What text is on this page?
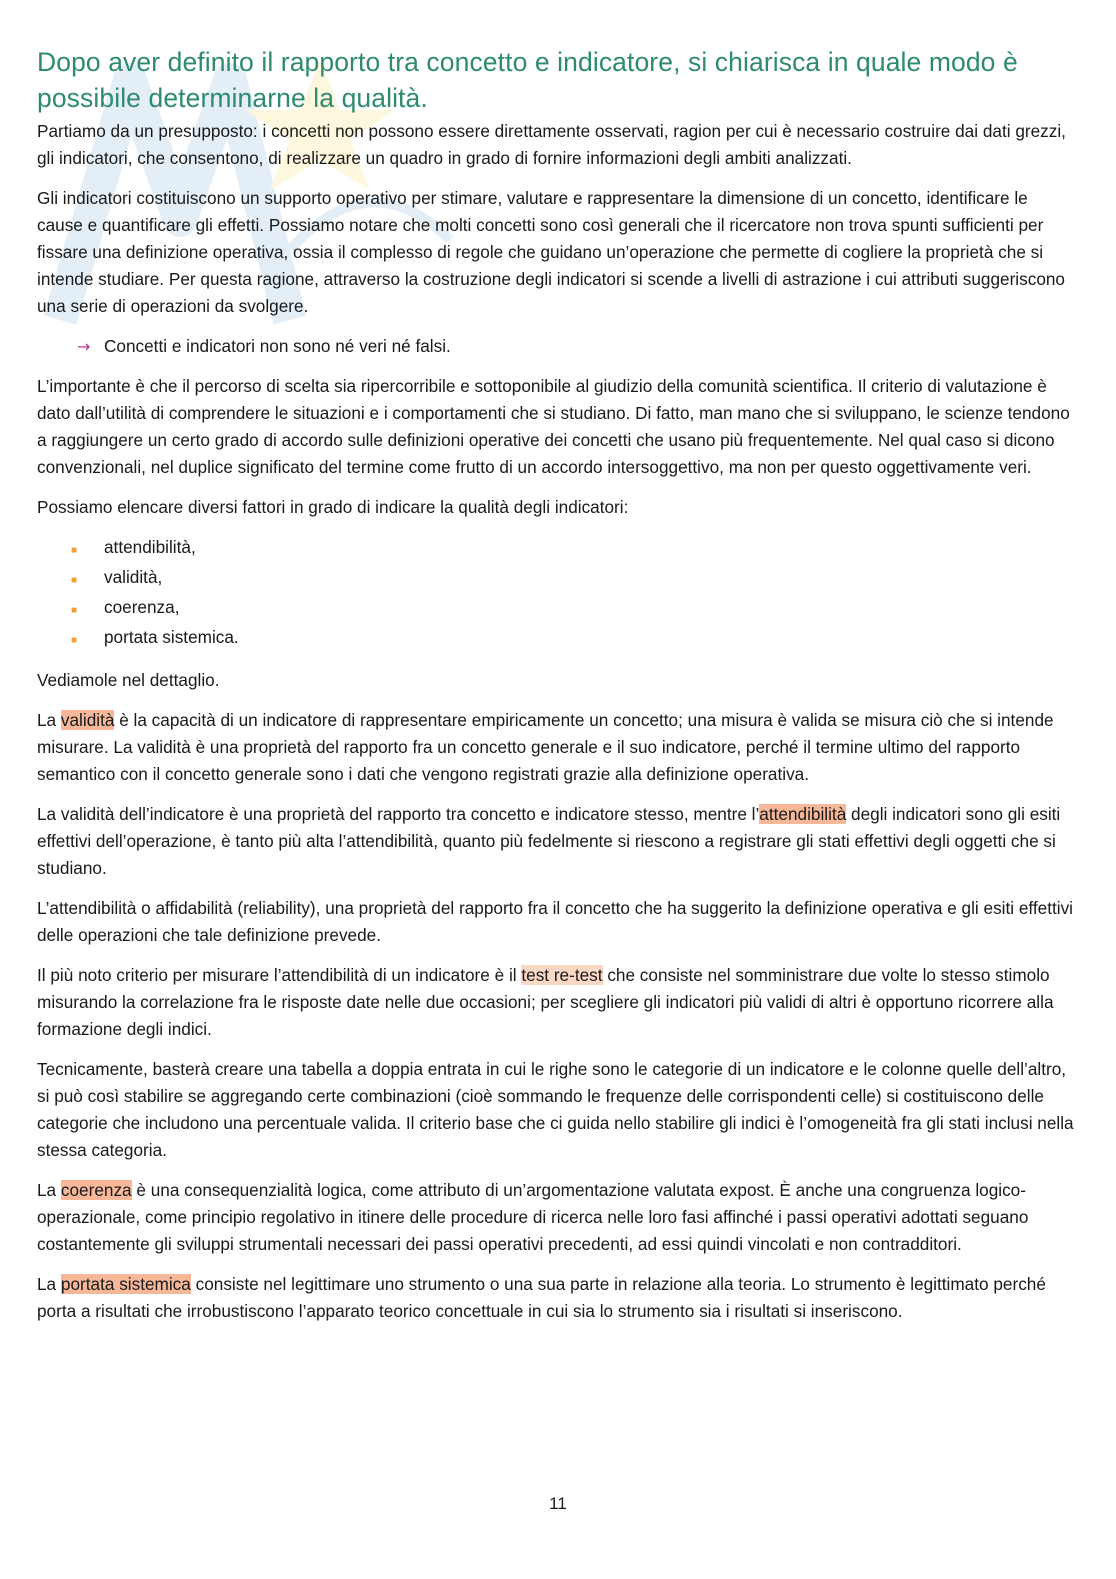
Dopo aver definito il rapporto tra concetto e indicatore, si chiarisca in quale modo è possibile determinarne la qualità.

Partiamo da un presupposto: i concetti non possono essere direttamente osservati, ragion per cui è necessario costruire dai dati grezzi, gli indicatori, che consentono, di realizzare un quadro in grado di fornire informazioni degli ambiti analizzati.

Gli indicatori costituiscono un supporto operativo per stimare, valutare e rappresentare la dimensione di un concetto, identificare le cause e quantificare gli effetti. Possiamo notare che molti concetti sono così generali che il ricercatore non trova spunti sufficienti per fissare una definizione operativa, ossia il complesso di regole che guidano un’operazione che permette di cogliere la proprietà che si intende studiare. Per questa ragione, attraverso la costruzione degli indicatori si scende a livelli di astrazione i cui attributi suggeriscono una serie di operazioni da svolgere.

→ Concetti e indicatori non sono né veri né falsi.

L’importante è che il percorso di scelta sia ripercorribile e sottoponibile al giudizio della comunità scientifica. Il criterio di valutazione è dato dall’utilità di comprendere le situazioni e i comportamenti che si studiano. Di fatto, man mano che si sviluppano, le scienze tendono a raggiungere un certo grado di accordo sulle definizioni operative dei concetti che usano più frequentemente. Nel qual caso si dicono convenzionali, nel duplice significato del termine come frutto di un accordo intersoggettivo, ma non per questo oggettivamente veri.

Possiamo elencare diversi fattori in grado di indicare la qualità degli indicatori:

■	attendibilità,
■	validità,
■	coerenza,
■	portata sistemica.

Vediamole nel dettaglio.

La validità è la capacità di un indicatore di rappresentare empiricamente un concetto; una misura è valida se misura ciò che si intende misurare. La validità è una proprietà del rapporto fra un concetto generale e il suo indicatore, perché il termine ultimo del rapporto semantico con il concetto generale sono i dati che vengono registrati grazie alla definizione operativa.

La validità dell’indicatore è una proprietà del rapporto tra concetto e indicatore stesso, mentre l’attendibilità degli indicatori sono gli esiti effettivi dell’operazione, è tanto più alta l’attendibilità, quanto più fedelmente si riescono a registrare gli stati effettivi degli oggetti che si studiano.

L’attendibilità o affidabilità (reliability), una proprietà del rapporto fra il concetto che ha suggerito la definizione operativa e gli esiti effettivi delle operazioni che tale definizione prevede.

Il più noto criterio per misurare l’attendibilità di un indicatore è il test re-test che consiste nel somministrare due volte lo stesso stimolo misurando la correlazione fra le risposte date nelle due occasioni; per scegliere gli indicatori più validi di altri è opportuno ricorrere alla formazione degli indici.

Tecnicamente, basterà creare una tabella a doppia entrata in cui le righe sono le categorie di un indicatore e le colonne quelle dell’altro, si può così stabilire se aggregando certe combinazioni (cioè sommando le frequenze delle corrispondenti celle) si costituiscono delle categorie che includono una percentuale valida. Il criterio base che ci guida nello stabilire gli indici è l’omogeneità fra gli stati inclusi nella stessa categoria.

La coerenza è una consequenzialità logica, come attributo di un’argomentazione valutata expost. È anche una congruenza logico-operazionale, come principio regolativo in itinere delle procedure di ricerca nelle loro fasi affinché i passi operativi adottati seguano costantemente gli sviluppi strumentali necessari dei passi operativi precedenti, ad essi quindi vincolati e non contradditori.

La portata sistemica consiste nel legittimare uno strumento o una sua parte in relazione alla teoria. Lo strumento è legittimato perché porta a risultati che irrobustiscono l’apparato teorico concettuale in cui sia lo strumento sia i risultati si inseriscono.

11
